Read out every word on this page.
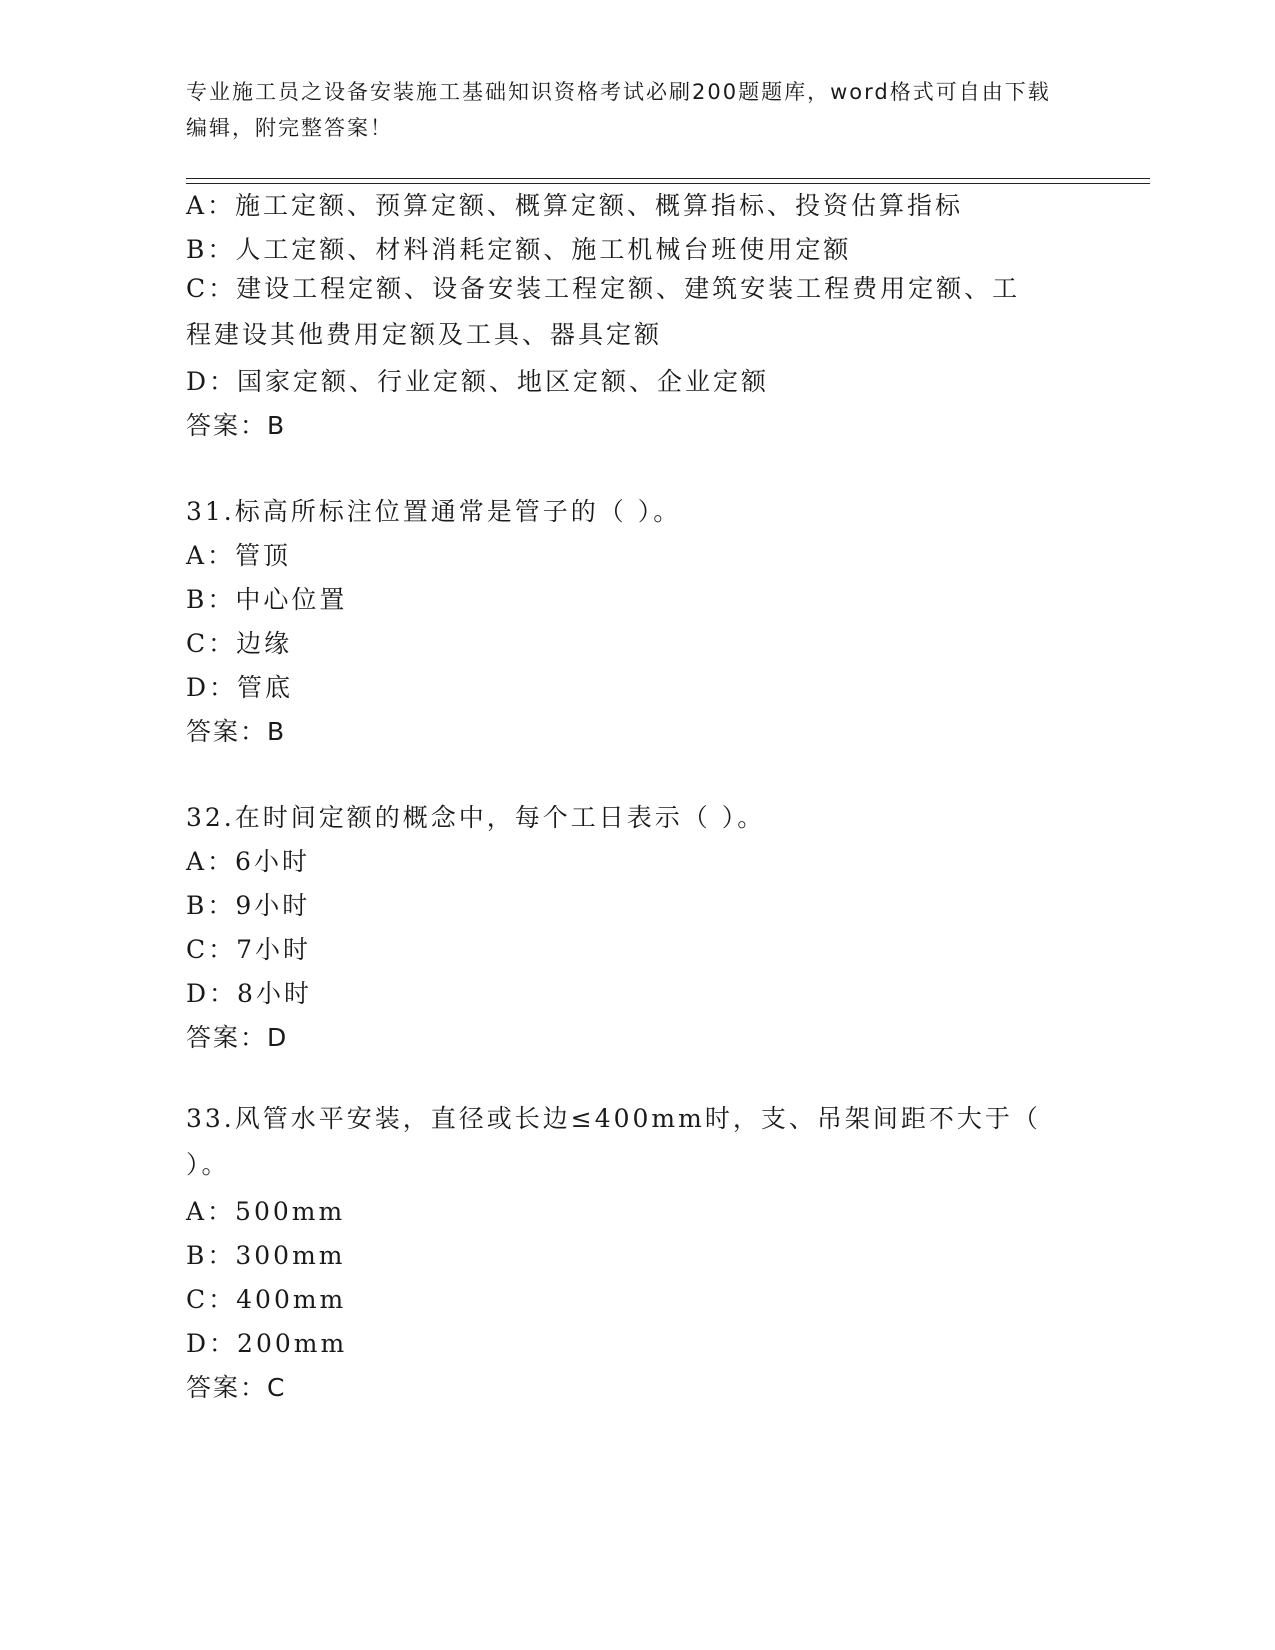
专业施工员之设备安装施工基础知识资格考试必刷200题题库，word格式可自由下载编辑，附完整答案！
A：施工定额、预算定额、概算定额、概算指标、投资估算指标
B：人工定额、材料消耗定额、施工机械台班使用定额
C：建设工程定额、设备安装工程定额、建筑安装工程费用定额、工程建设其他费用定额及工具、器具定额
D：国家定额、行业定额、地区定额、企业定额
答案：B
31.标高所标注位置通常是管子的（ ）。
A：管顶
B：中心位置
C：边缘
D：管底
答案：B
32.在时间定额的概念中，每个工日表示（ ）。
A：6小时
B：9小时
C：7小时
D：8小时
答案：D
33.风管水平安装，直径或长边≤400mm时，支、吊架间距不大于（ ）。
A：500mm
B：300mm
C：400mm
D：200mm
答案：C
